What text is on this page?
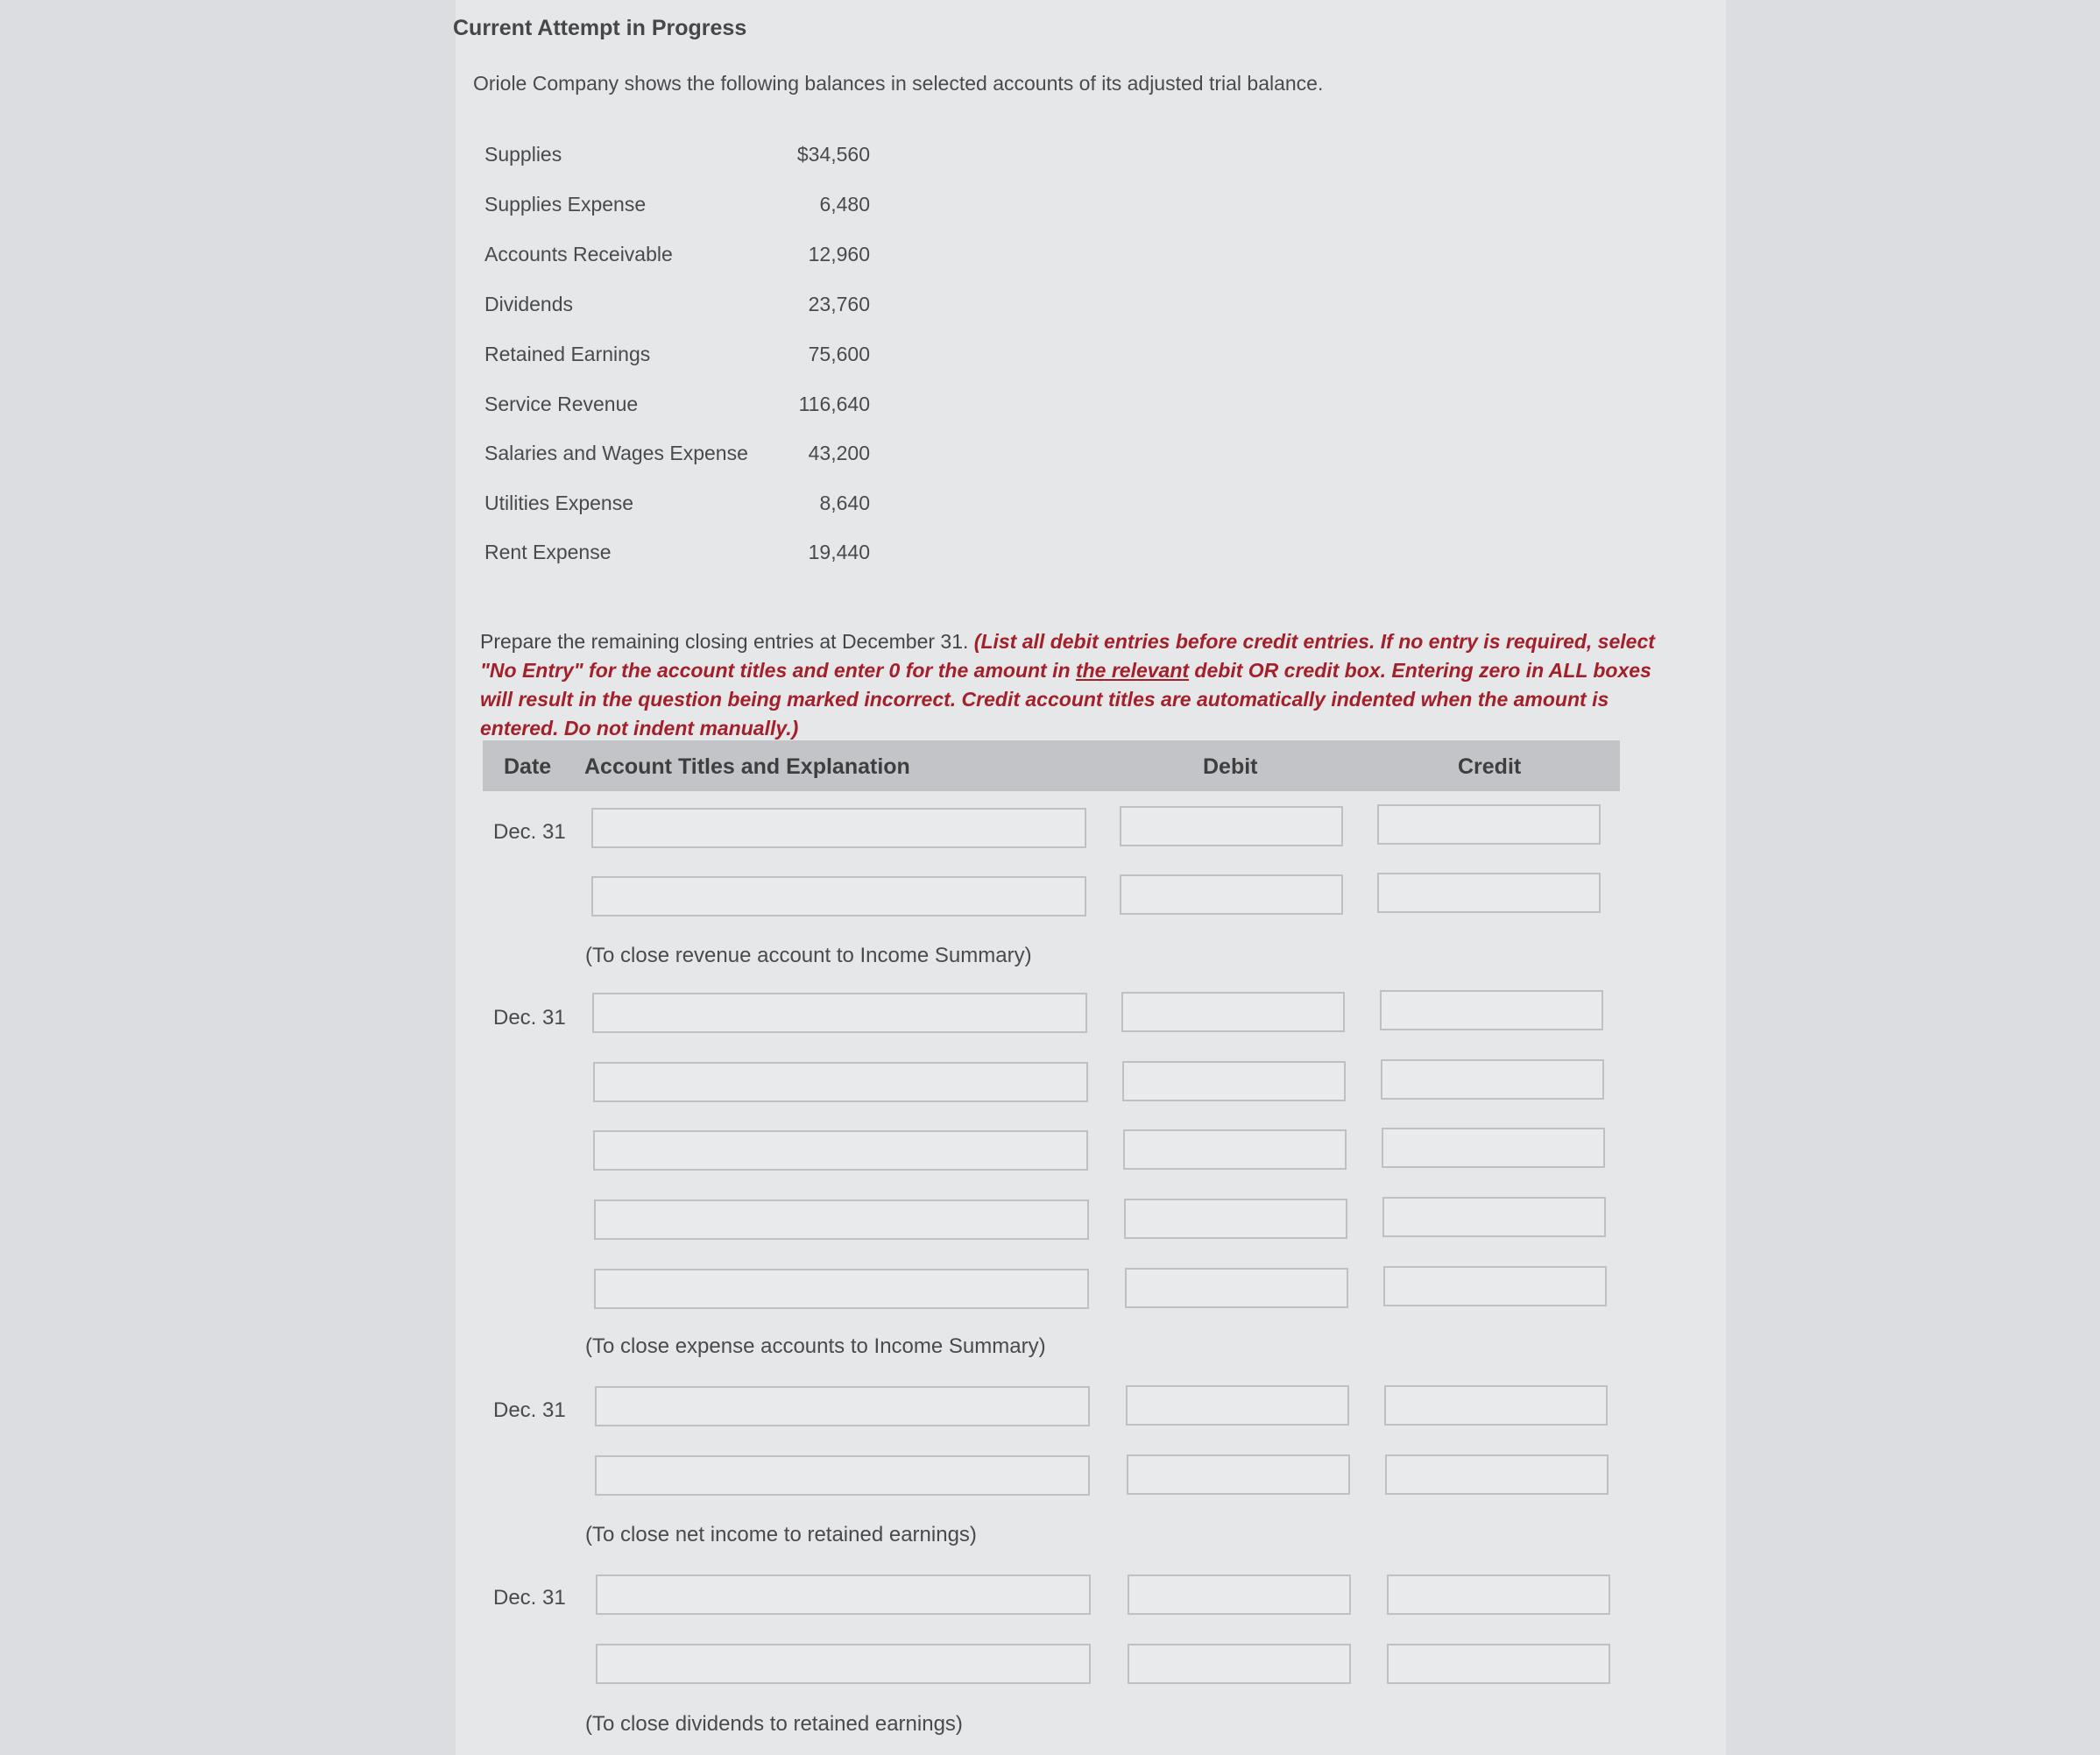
Current Attempt in Progress
Oriole Company shows the following balances in selected accounts of its adjusted trial balance.
Supplies	$34,560
Supplies Expense	6,480
Accounts Receivable	12,960
Dividends	23,760
Retained Earnings	75,600
Service Revenue	116,640
Salaries and Wages Expense	43,200
Utilities Expense	8,640
Rent Expense	19,440
Prepare the remaining closing entries at December 31. (List all debit entries before credit entries. If no entry is required, select "No Entry" for the account titles and enter 0 for the amount in the relevant debit OR credit box. Entering zero in ALL boxes will result in the question being marked incorrect. Credit account titles are automatically indented when the amount is entered. Do not indent manually.)
Date Account Titles and Explanation	Debit	Credit
Dec. 31
(To close revenue account to Income Summary)
Dec. 31
(To close expense accounts to Income Summary)
Dec. 31
(To close net income to retained earnings)
Dec. 31
(To close dividends to retained earnings)
